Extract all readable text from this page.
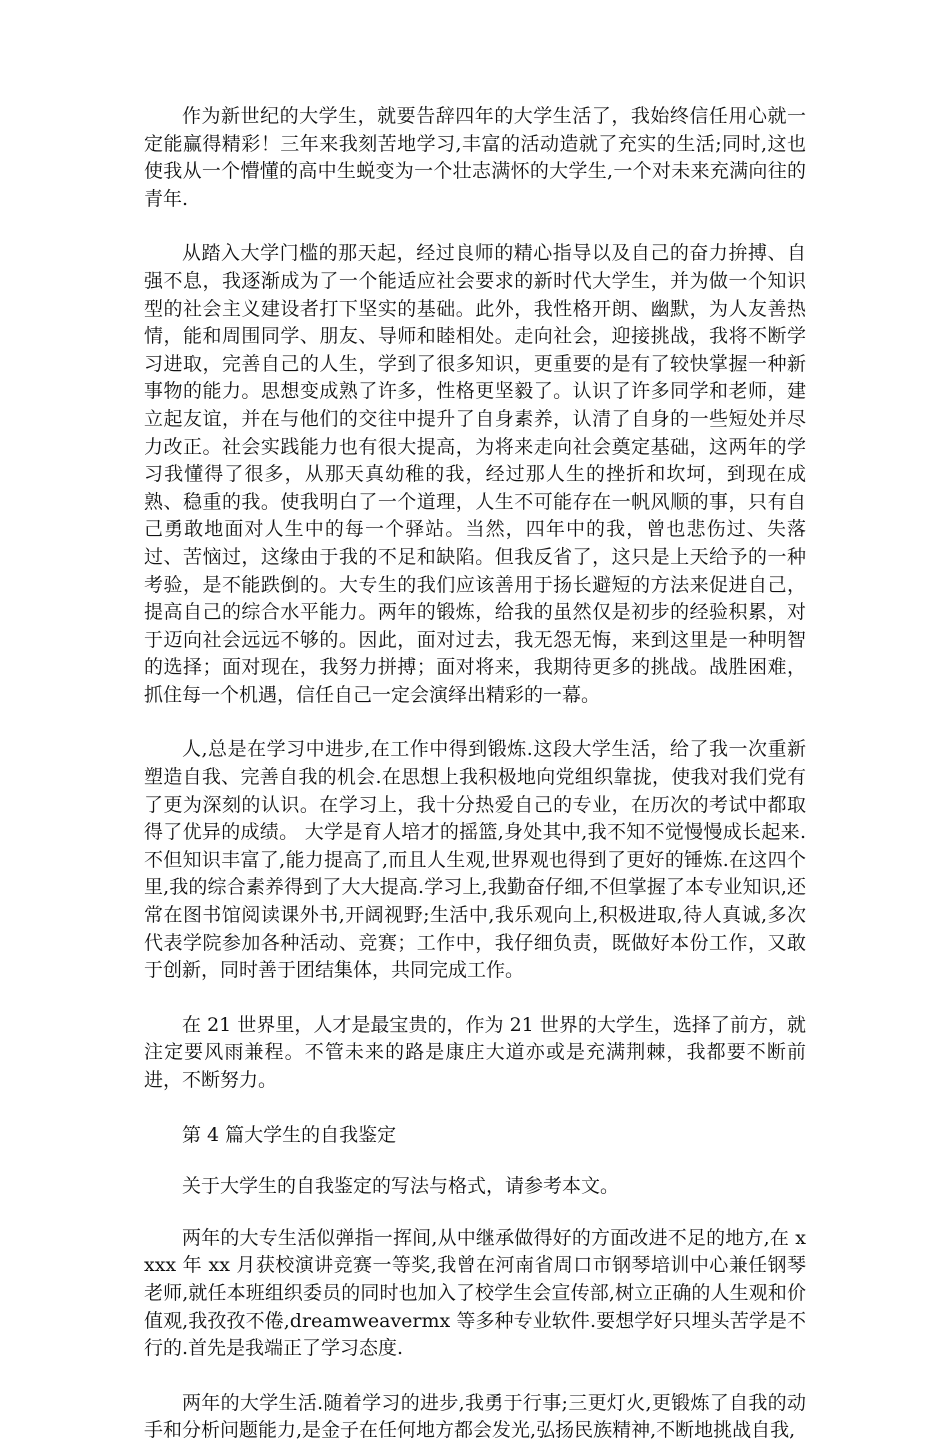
作为新世纪的大学生，就要告辞四年的大学生活了，我始终信任用心就一定能赢得精彩！三年来我刻苦地学习,丰富的活动造就了充实的生活;同时,这也使我从一个懵懂的高中生蜕变为一个壮志满怀的大学生,一个对未来充满向往的青年.

从踏入大学门槛的那天起，经过良师的精心指导以及自己的奋力拚搏、自强不息，我逐渐成为了一个能适应社会要求的新时代大学生，并为做一个知识型的社会主义建设者打下坚实的基础。此外，我性格开朗、幽默，为人友善热情，能和周围同学、朋友、导师和睦相处。走向社会，迎接挑战，我将不断学习进取，完善自己的人生，学到了很多知识，更重要的是有了较快掌握一种新事物的能力。思想变成熟了许多，性格更坚毅了。认识了许多同学和老师，建立起友谊，并在与他们的交往中提升了自身素养，认清了自身的一些短处并尽力改正。社会实践能力也有很大提高，为将来走向社会奠定基础，这两年的学习我懂得了很多，从那天真幼稚的我，经过那人生的挫折和坎坷，到现在成熟、稳重的我。使我明白了一个道理，人生不可能存在一帆风顺的事，只有自己勇敢地面对人生中的每一个驿站。当然，四年中的我，曾也悲伤过、失落过、苦恼过，这缘由于我的不足和缺陷。但我反省了，这只是上天给予的一种考验，是不能跌倒的。大专生的我们应该善用于扬长避短的方法来促进自己，提高自己的综合水平能力。两年的锻炼，给我的虽然仅是初步的经验积累，对于迈向社会远远不够的。因此，面对过去，我无怨无悔，来到这里是一种明智的选择；面对现在，我努力拼搏；面对将来，我期待更多的挑战。战胜困难，抓住每一个机遇，信任自己一定会演绎出精彩的一幕。

人,总是在学习中进步,在工作中得到锻炼.这段大学生活，给了我一次重新塑造自我、完善自我的机会.在思想上我积极地向党组织靠拢，使我对我们党有了更为深刻的认识。在学习上，我十分热爱自己的专业，在历次的考试中都取得了优异的成绩。 大学是育人培才的摇篮,身处其中,我不知不觉慢慢成长起来.不但知识丰富了,能力提高了,而且人生观,世界观也得到了更好的锤炼.在这四个里,我的综合素养得到了大大提高.学习上,我勤奋仔细,不但掌握了本专业知识,还常在图书馆阅读课外书,开阔视野;生活中,我乐观向上,积极进取,待人真诚,多次代表学院参加各种活动、竞赛；工作中，我仔细负责，既做好本份工作，又敢于创新，同时善于团结集体，共同完成工作。

在 21 世界里，人才是最宝贵的，作为 21 世界的大学生，选择了前方，就注定要风雨兼程。不管未来的路是康庄大道亦或是充满荆棘，我都要不断前进，不断努力。

第 4 篇大学生的自我鉴定

关于大学生的自我鉴定的写法与格式，请参考本文。

两年的大专生活似弹指一挥间,从中继承做得好的方面改进不足的地方,在 xxxx 年 xx 月获校演讲竞赛一等奖,我曾在河南省周口市钢琴培训中心兼任钢琴老师,就任本班组织委员的同时也加入了校学生会宣传部,树立正确的人生观和价值观,我孜孜不倦,dreamweavermx 等多种专业软件.要想学好只埋头苦学是不行的.首先是我端正了学习态度.

两年的大学生活.随着学习的进步,我勇于行事;三更灯火,更锻炼了自我的动手和分析问题能力,是金子在任何地方都会发光,弘扬民族精神,不断地挑战自我,
